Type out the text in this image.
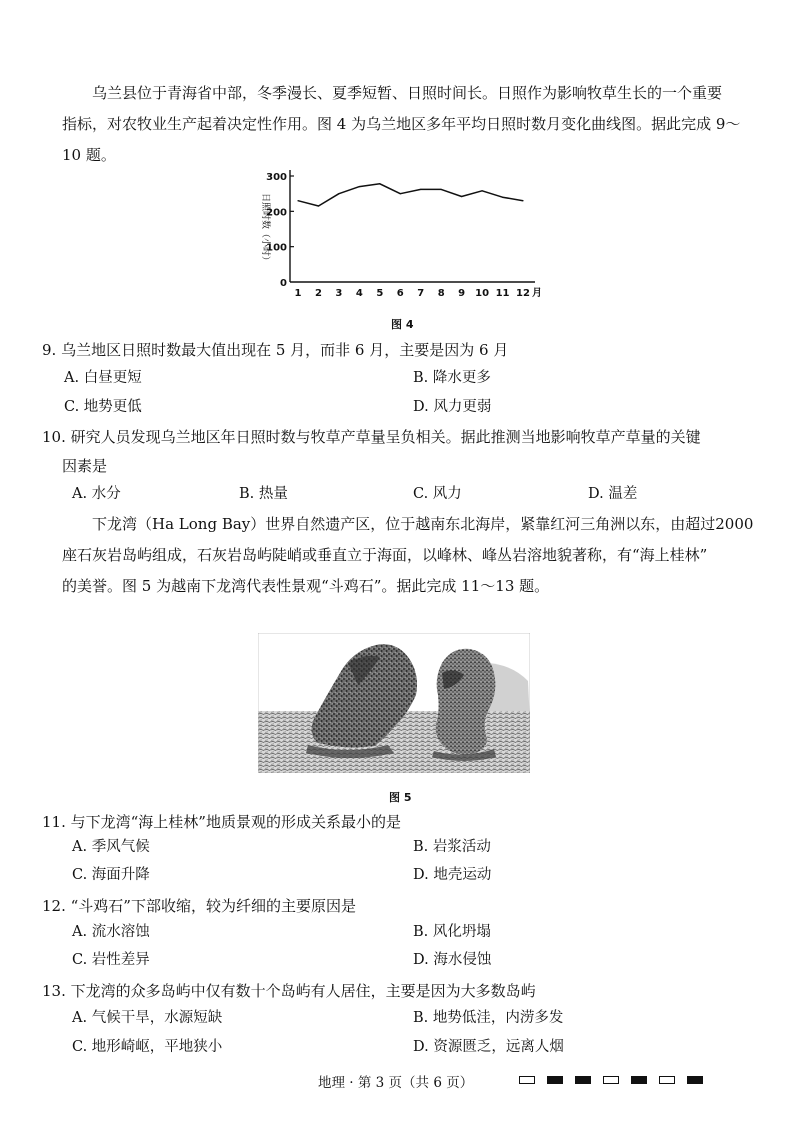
乌兰县位于青海省中部，冬季漫长、夏季短暂、日照时间长。日照作为影响牧草生长的一个重要

指标，对农牧业生产起着决定性作用。图 4 为乌兰地区多年平均日照时数月变化曲线图。据此完成 9～

10 题。

0
100
200
300
日照时数（小时）
1 2 3 4 5 6 7 8 9 10 11 12 月

图 4

9. 乌兰地区日照时数最大值出现在 5 月，而非 6 月，主要是因为 6 月

A. 白昼更短	B. 降水更多

C. 地势更低	D. 风力更弱

10. 研究人员发现乌兰地区年日照时数与牧草产草量呈负相关。据此推测当地影响牧草产草量的关键

因素是

A. 水分	B. 热量	C. 风力	D. 温差

下龙湾（Ha Long Bay）世界自然遗产区，位于越南东北海岸，紧靠红河三角洲以东，由超过2000

座石灰岩岛屿组成，石灰岩岛屿陡峭或垂直立于海面，以峰林、峰丛岩溶地貌著称，有“海上桂林”

的美誉。图 5 为越南下龙湾代表性景观“斗鸡石”。据此完成 11～13 题。

图 5

11. 与下龙湾“海上桂林”地质景观的形成关系最小的是

A. 季风气候	B. 岩浆活动

C. 海面升降	D. 地壳运动

12. “斗鸡石”下部收缩，较为纤细的主要原因是

A. 流水溶蚀	B. 风化坍塌

C. 岩性差异	D. 海水侵蚀

13. 下龙湾的众多岛屿中仅有数十个岛屿有人居住，主要是因为大多数岛屿

A. 气候干旱，水源短缺	B. 地势低洼，内涝多发

C. 地形崎岖，平地狭小	D. 资源匮乏，远离人烟

地理 · 第 3 页（共 6 页）
